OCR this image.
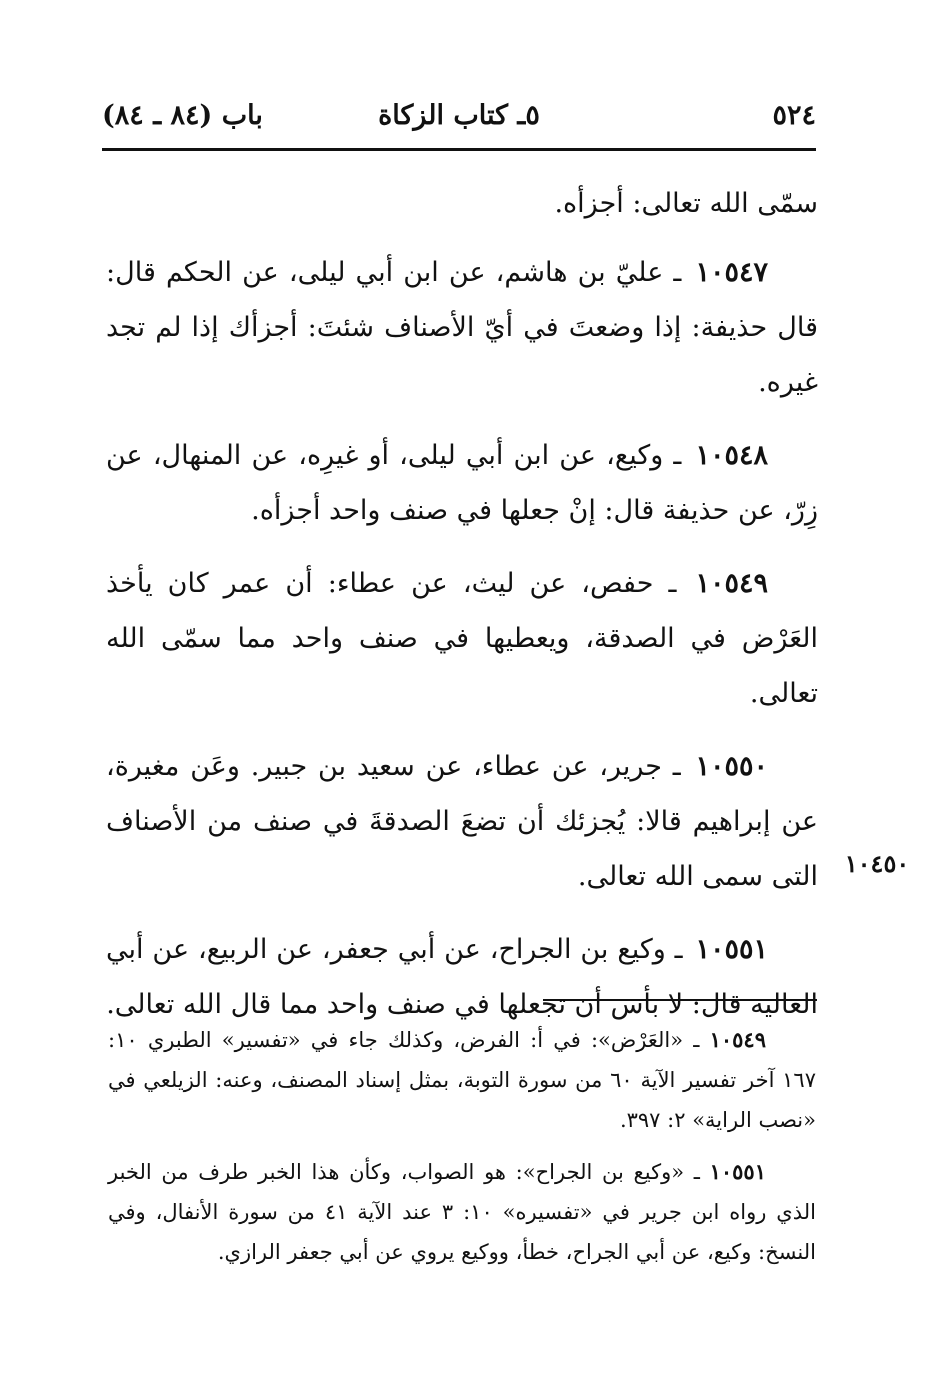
٥٢٤
٥ـ كتاب الزكاة
باب (٨٤ ـ ٨٤)

سمّى الله تعالى: أجزأه.

١٠٥٤٧ ـ عليّ بن هاشم، عن ابن أبي ليلى، عن الحكم قال: قال حذيفة: إذا وضعتَ في أيّ الأصناف شئتَ: أجزأك إذا لم تجد غيره.

١٠٥٤٨ ـ وكيع، عن ابن أبي ليلى، أو غيرِه، عن المنهال، عن زِرّ، عن حذيفة قال: إنْ جعلها في صنف واحد أجزأه.

١٠٥٤٩ ـ حفص، عن ليث، عن عطاء: أن عمر كان يأخذ العَرْض في الصدقة، ويعطيها في صنف واحد مما سمّى الله تعالى.

١٠٥٥٠ ـ جرير، عن عطاء، عن سعيد بن جبير. وعَن مغيرة، عن إبراهيم قالا: يُجزئك أن تضعَ الصدقةَ في صنف من الأصناف التى سمى الله تعالى.

١٠٥٥١ ـ وكيع بن الجراح، عن أبي جعفر، عن الربيع، عن أبي العالية قال: لا بأس أن تجعلها في صنف واحد مما قال الله تعالى.

١٠٤٥٠

١٠٥٤٩ ـ «العَرْض»: في أ: الفرض، وكذلك جاء في «تفسير» الطبري ١٠: ١٦٧ آخر تفسير الآية ٦٠ من سورة التوبة، بمثل إسناد المصنف، وعنه: الزيلعي في «نصب الراية» ٢: ٣٩٧.

١٠٥٥١ ـ «وكيع بن الجراح»: هو الصواب، وكأن هذا الخبر طرف من الخبر الذي رواه ابن جرير في «تفسيره» ١٠: ٣ عند الآية ٤١ من سورة الأنفال، وفي النسخ: وكيع، عن أبي الجراح، خطأ، ووكيع يروي عن أبي جعفر الرازي.
